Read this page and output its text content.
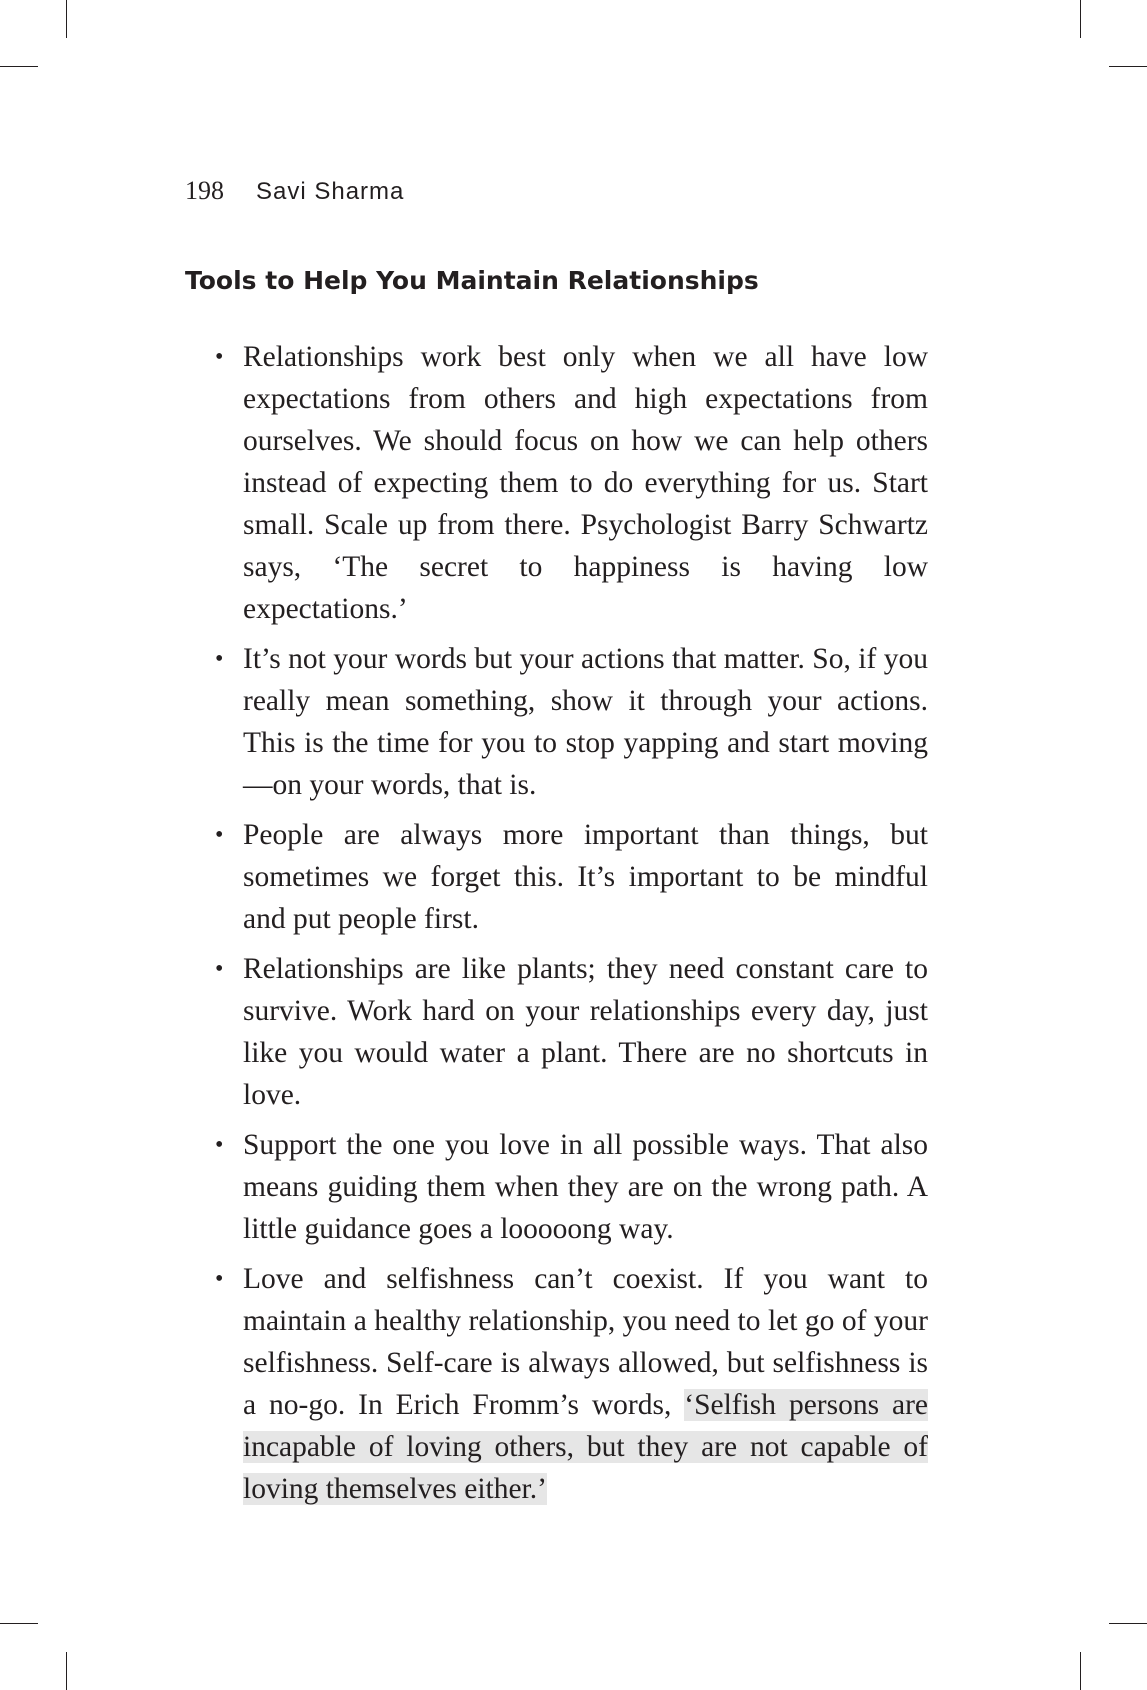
198 Savi Sharma
Tools to Help You Maintain Relationships
• Relationships work best only when we all have low expectations from others and high expectations from ourselves. We should focus on how we can help others instead of expecting them to do everything for us. Start small. Scale up from there. Psychologist Barry Schwartz says, ‘The secret to happiness is having low expectations.’
• It’s not your words but your actions that matter. So, if you really mean something, show it through your actions. This is the time for you to stop yapping and start moving—on your words, that is.
• People are always more important than things, but sometimes we forget this. It’s important to be mindful and put people first.
• Relationships are like plants; they need constant care to survive. Work hard on your relationships every day, just like you would water a plant. There are no shortcuts in love.
• Support the one you love in all possible ways. That also means guiding them when they are on the wrong path. A little guidance goes a looooong way.
• Love and selfishness can’t coexist. If you want to maintain a healthy relationship, you need to let go of your selfishness. Self-care is always allowed, but selfishness is a no-go. In Erich Fromm’s words, ‘Selfish persons are incapable of loving others, but they are not capable of loving themselves either.’
